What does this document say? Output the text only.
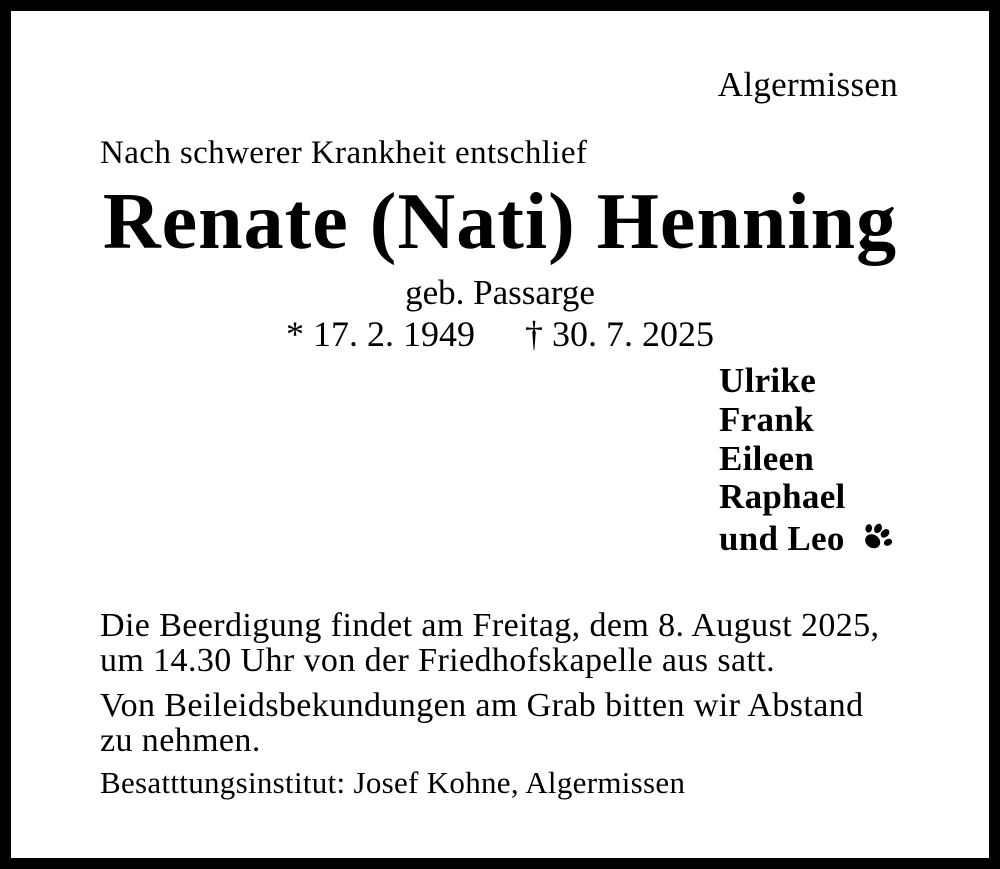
Algermissen
Nach schwerer Krankheit entschlief
Renate (Nati) Henning
geb. Passarge
* 17. 2. 1949 † 30. 7. 2025
Ulrike
Frank
Eileen
Raphael
und Leo
Die Beerdigung findet am Freitag, dem 8. August 2025,
um 14.30 Uhr von der Friedhofskapelle aus satt.
Von Beileidsbekundungen am Grab bitten wir Abstand
zu nehmen.
Besatttungsinstitut: Josef Kohne, Algermissen
